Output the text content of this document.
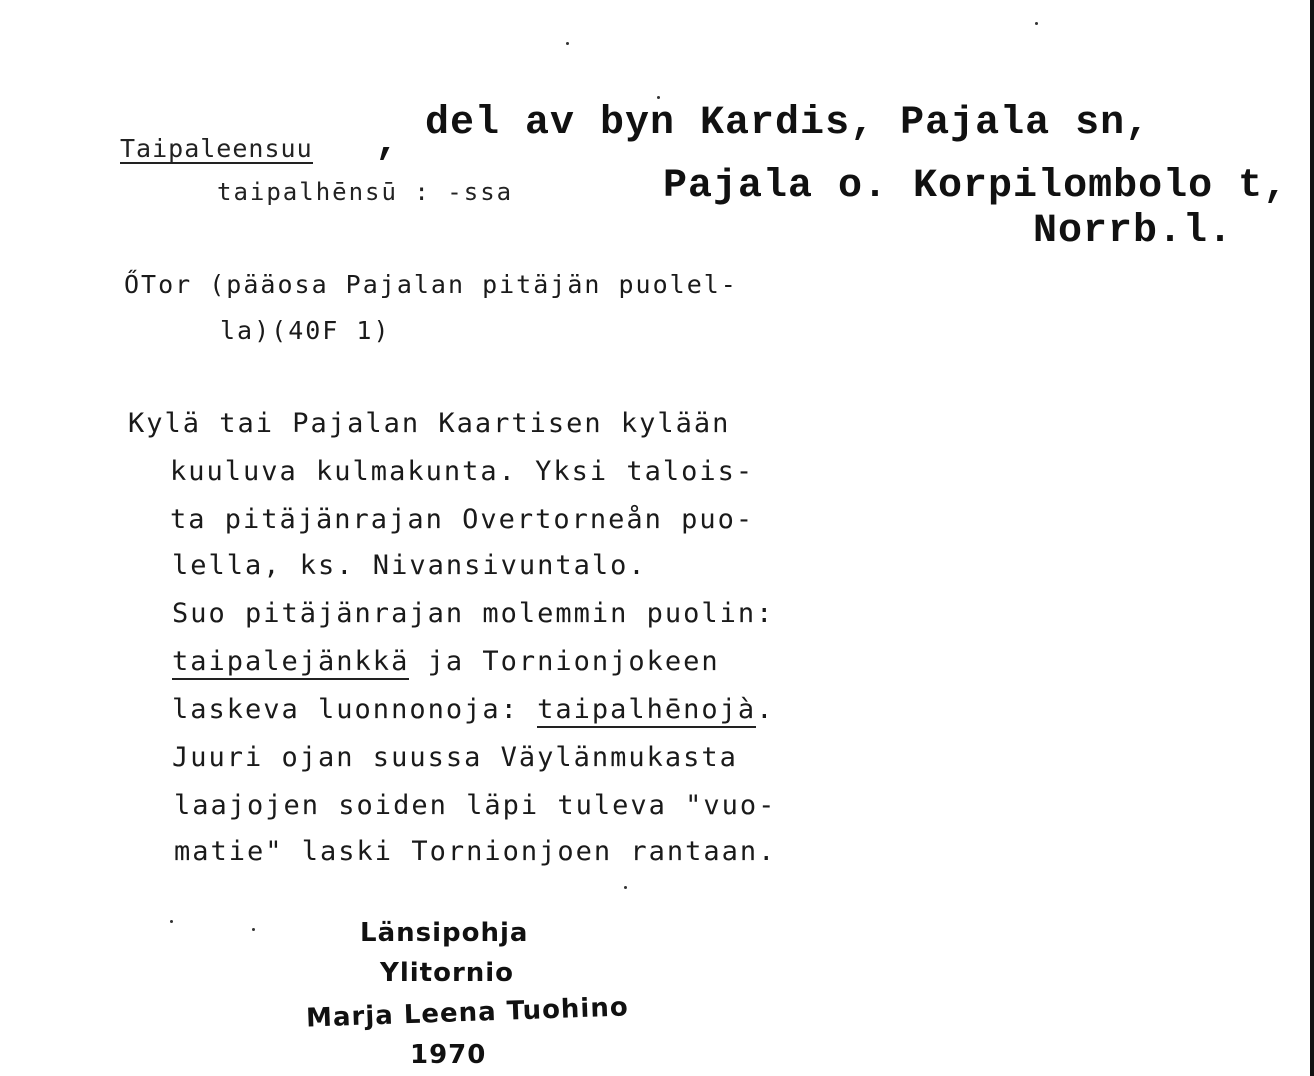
Taipaleensuu , del av byn Kardis, Pajala sn,
taipalhēnsū : -ssa	Pajala o. Korpilombolo t,
Norrb.l.
ŐTor (pääosa Pajalan pitäjän puolel-
la)(40F 1)
Kylä tai Pajalan Kaartisen kylään
kuuluva kulmakunta. Yksi talois-
ta pitäjänrajan Overtorneån puo-
lella, ks. Nivansivuntalo.
Suo pitäjänrajan molemmin puolin:
taipalejänkkä ja Tornionjokeen
laskeva luonnonoja: taipalhēnojà.
Juuri ojan suussa Väylänmukasta
laajojen soiden läpi tuleva "vuo-
matie" laski Tornionjoen rantaan.
Länsipohja
Ylitornio
Marja Leena Tuohino
1970
